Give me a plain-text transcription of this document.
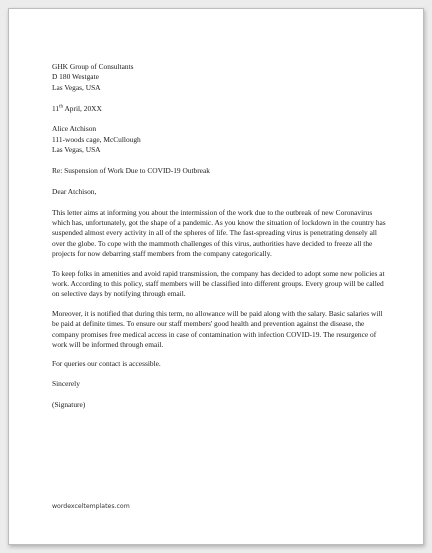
GHK Group of Consultants
D 180 Westgate
Las Vegas, USA
11th April, 20XX
Alice Atchison
111-woods cage, McCullough
Las Vegas, USA
Re: Suspension of Work Due to COVID-19 Outbreak
Dear Atchison,

This letter aims at informing you about the intermission of the work due to the outbreak of new Coronavirus which has, unfortunately, got the shape of a pandemic. As you know the situation of lockdown in the country has suspended almost every activity in all of the spheres of life. The fast-spreading virus is penetrating densely all over the globe. To cope with the mammoth challenges of this virus, authorities have decided to freeze all the projects for now debarring staff members from the company categorically.

To keep folks in amenities and avoid rapid transmission, the company has decided to adopt some new policies at work. According to this policy, staff members will be classified into different groups. Every group will be called on selective days by notifying through email.

Moreover, it is notified that during this term, no allowance will be paid along with the salary. Basic salaries will be paid at definite times. To ensure our staff members' good health and prevention against the disease, the company promises free medical access in case of contamination with infection COVID-19. The resurgence of work will be informed through email.

For queries our contact is accessible.

Sincerely
(Signature)
wordexceltemplates.com
